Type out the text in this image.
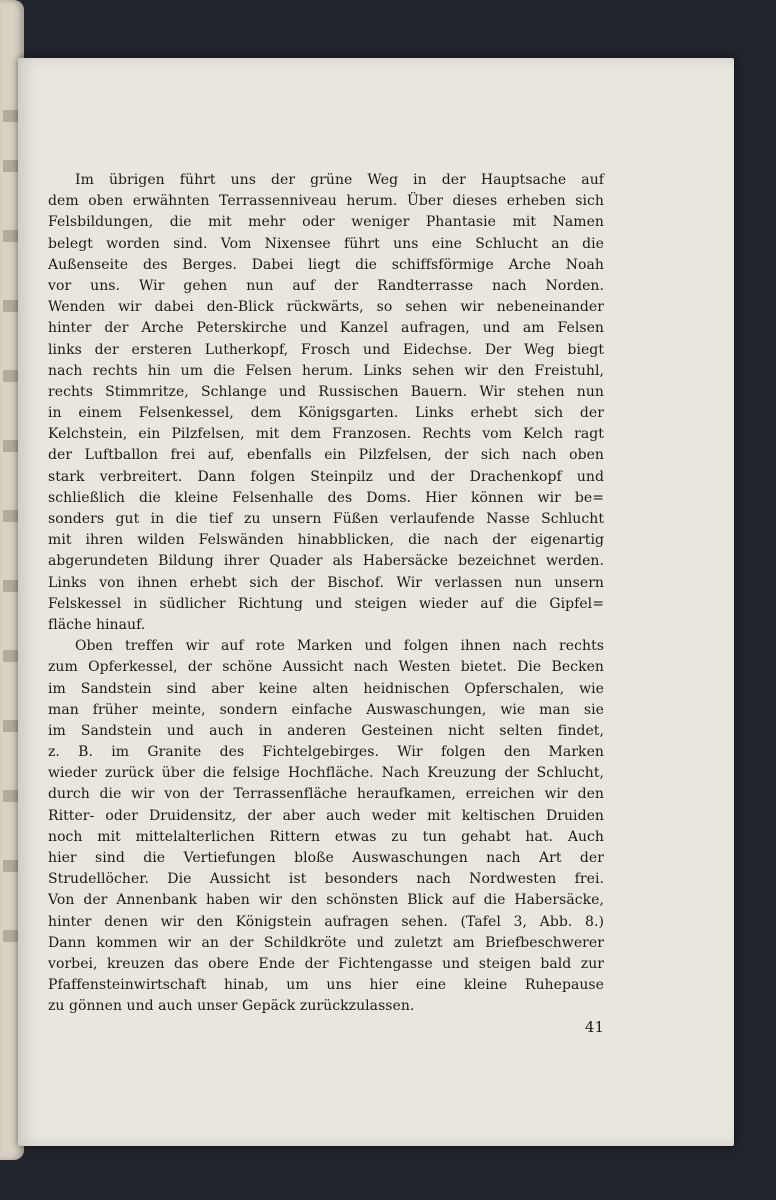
Im übrigen führt uns der grüne Weg in der Hauptsache auf
dem oben erwähnten Terrassenniveau herum. Über dieses erheben sich
Felsbildungen, die mit mehr oder weniger Phantasie mit Namen
belegt worden sind. Vom Nixensee führt uns eine Schlucht an die
Außenseite des Berges. Dabei liegt die schiffsförmige Arche Noah
vor uns. Wir gehen nun auf der Randterrasse nach Norden.
Wenden wir dabei den-Blick rückwärts, so sehen wir nebeneinander
hinter der Arche Peterskirche und Kanzel aufragen, und am Felsen
links der ersteren Lutherkopf, Frosch und Eidechse. Der Weg biegt
nach rechts hin um die Felsen herum. Links sehen wir den Freistuhl,
rechts Stimmritze, Schlange und Russischen Bauern. Wir stehen nun
in einem Felsenkessel, dem Königsgarten. Links erhebt sich der
Kelchstein, ein Pilzfelsen, mit dem Franzosen. Rechts vom Kelch ragt
der Luftballon frei auf, ebenfalls ein Pilzfelsen, der sich nach oben
stark verbreitert. Dann folgen Steinpilz und der Drachenkopf und
schließlich die kleine Felsenhalle des Doms. Hier können wir be=
sonders gut in die tief zu unsern Füßen verlaufende Nasse Schlucht
mit ihren wilden Felswänden hinabblicken, die nach der eigenartig
abgerundeten Bildung ihrer Quader als Habersäcke bezeichnet werden.
Links von ihnen erhebt sich der Bischof. Wir verlassen nun unsern
Felskessel in südlicher Richtung und steigen wieder auf die Gipfel=
fläche hinauf.
Oben treffen wir auf rote Marken und folgen ihnen nach rechts
zum Opferkessel, der schöne Aussicht nach Westen bietet. Die Becken
im Sandstein sind aber keine alten heidnischen Opferschalen, wie
man früher meinte, sondern einfache Auswaschungen, wie man sie
im Sandstein und auch in anderen Gesteinen nicht selten findet,
z. B. im Granite des Fichtelgebirges. Wir folgen den Marken
wieder zurück über die felsige Hochfläche. Nach Kreuzung der Schlucht,
durch die wir von der Terrassenfläche heraufkamen, erreichen wir den
Ritter- oder Druidensitz, der aber auch weder mit keltischen Druiden
noch mit mittelalterlichen Rittern etwas zu tun gehabt hat. Auch
hier sind die Vertiefungen bloße Auswaschungen nach Art der
Strudellöcher. Die Aussicht ist besonders nach Nordwesten frei.
Von der Annenbank haben wir den schönsten Blick auf die Habersäcke,
hinter denen wir den Königstein aufragen sehen. (Tafel 3, Abb. 8.)
Dann kommen wir an der Schildkröte und zuletzt am Briefbeschwerer
vorbei, kreuzen das obere Ende der Fichtengasse und steigen bald zur
Pfaffensteinwirtschaft hinab, um uns hier eine kleine Ruhepause
zu gönnen und auch unser Gepäck zurückzulassen.
41
